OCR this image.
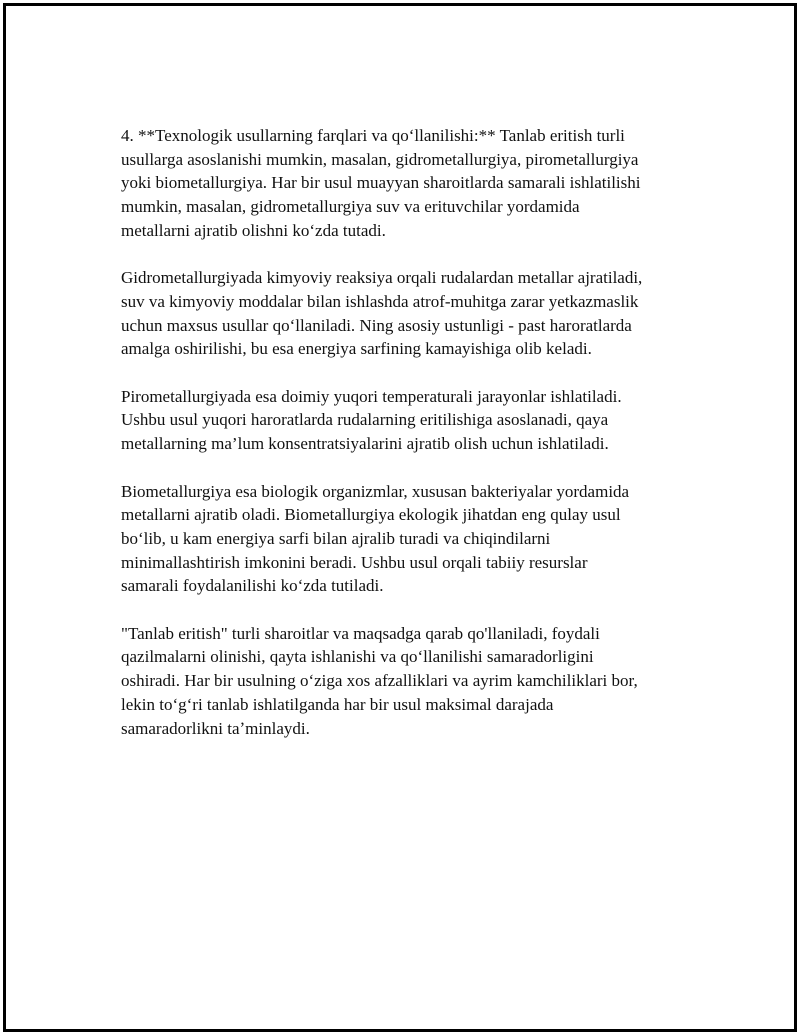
4. **Texnologik usullarning farqlari va qo‘llanilishi:** Tanlab eritish turli
usullarga asoslanishi mumkin, masalan, gidrometallurgiya, pirometallurgiya
yoki biometallurgiya. Har bir usul muayyan sharoitlarda samarali ishlatilishi
mumkin, masalan, gidrometallurgiya suv va erituvchilar yordamida
metallarni ajratib olishni ko‘zda tutadi.

Gidrometallurgiyada kimyoviy reaksiya orqali rudalardan metallar ajratiladi,
suv va kimyoviy moddalar bilan ishlashda atrof-muhitga zarar yetkazmaslik
uchun maxsus usullar qo‘llaniladi. Ning asosiy ustunligi - past haroratlarda
amalga oshirilishi, bu esa energiya sarfining kamayishiga olib keladi.

Pirometallurgiyada esa doimiy yuqori temperaturali jarayonlar ishlatiladi.
Ushbu usul yuqori haroratlarda rudalarning eritilishiga asoslanadi, qaya
metallarning ma’lum konsentratsiyalarini ajratib olish uchun ishlatiladi.

Biometallurgiya esa biologik organizmlar, xususan bakteriyalar yordamida
metallarni ajratib oladi. Biometallurgiya ekologik jihatdan eng qulay usul
bo‘lib, u kam energiya sarfi bilan ajralib turadi va chiqindilarni
minimallashtirish imkonini beradi. Ushbu usul orqali tabiiy resurslar
samarali foydalanilishi ko‘zda tutiladi.

"Tanlab eritish" turli sharoitlar va maqsadga qarab qo'llaniladi, foydali
qazilmalarni olinishi, qayta ishlanishi va qo‘llanilishi samaradorligini
oshiradi. Har bir usulning o‘ziga xos afzalliklari va ayrim kamchiliklari bor,
lekin to‘g‘ri tanlab ishlatilganda har bir usul maksimal darajada
samaradorlikni taʼminlaydi.
